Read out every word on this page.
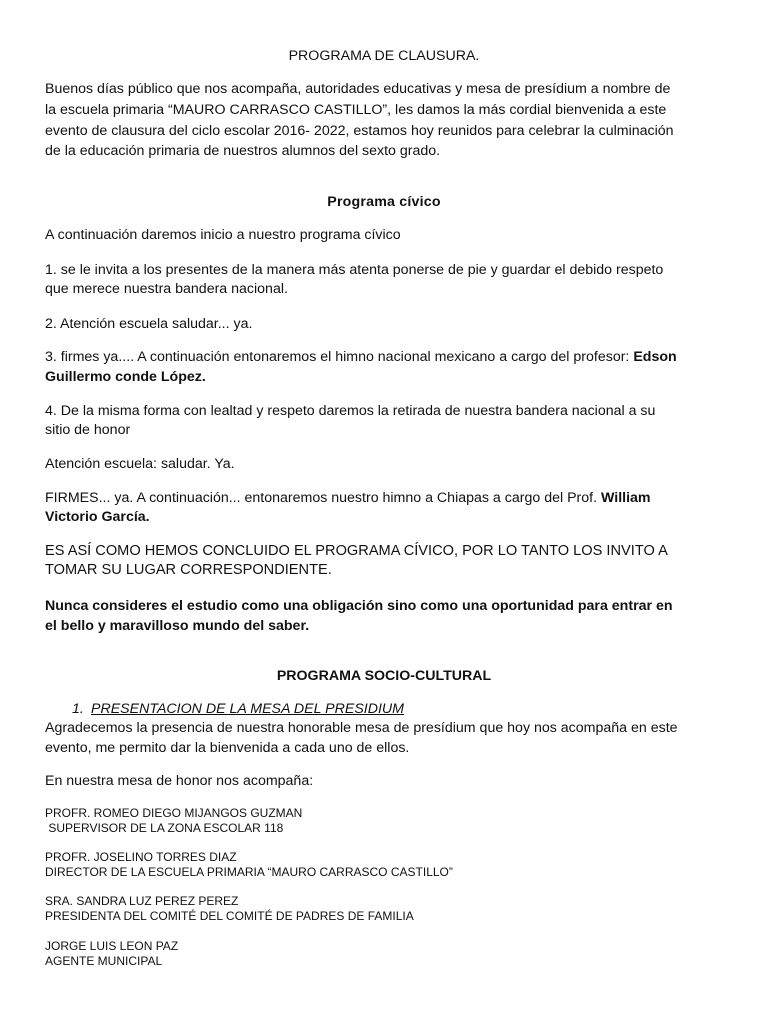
PROGRAMA DE CLAUSURA.

Buenos días público que nos acompaña, autoridades educativas y mesa de presídium a nombre de

la escuela primaria “MAURO CARRASCO CASTILLO”, les damos la más cordial bienvenida a este

evento de clausura del ciclo escolar 2016- 2022, estamos hoy reunidos para celebrar la culminación

de la educación primaria de nuestros alumnos del sexto grado.

Programa cívico

A continuación daremos inicio a nuestro programa cívico

1. se le invita a los presentes de la manera más atenta ponerse de pie y guardar el debido respeto

que merece nuestra bandera nacional.

2. Atención escuela saludar... ya.

3. firmes ya.... A continuación entonaremos el himno nacional mexicano a cargo del profesor: Edson

Guillermo conde López.

4. De la misma forma con lealtad y respeto daremos la retirada de nuestra bandera nacional a su

sitio de honor

Atención escuela: saludar. Ya.

FIRMES... ya. A continuación... entonaremos nuestro himno a Chiapas a cargo del Prof. William

Victorio García.

ES ASÍ COMO HEMOS CONCLUIDO EL PROGRAMA CÍVICO, POR LO TANTO LOS INVITO A

TOMAR SU LUGAR CORRESPONDIENTE.

Nunca consideres el estudio como una obligación sino como una oportunidad para entrar en

el bello y maravilloso mundo del saber.

PROGRAMA SOCIO-CULTURAL

1. PRESENTACION DE LA MESA DEL PRESIDIUM

Agradecemos la presencia de nuestra honorable mesa de presídium que hoy nos acompaña en este

evento, me permito dar la bienvenida a cada uno de ellos.

En nuestra mesa de honor nos acompaña:

PROFR. ROMEO DIEGO MIJANGOS GUZMAN

SUPERVISOR DE LA ZONA ESCOLAR 118

PROFR. JOSELINO TORRES DIAZ

DIRECTOR DE LA ESCUELA PRIMARIA “MAURO CARRASCO CASTILLO”

SRA. SANDRA LUZ PEREZ PEREZ

PRESIDENTA DEL COMITÉ DEL COMITÉ DE PADRES DE FAMILIA

JORGE LUIS LEON PAZ

AGENTE MUNICIPAL
